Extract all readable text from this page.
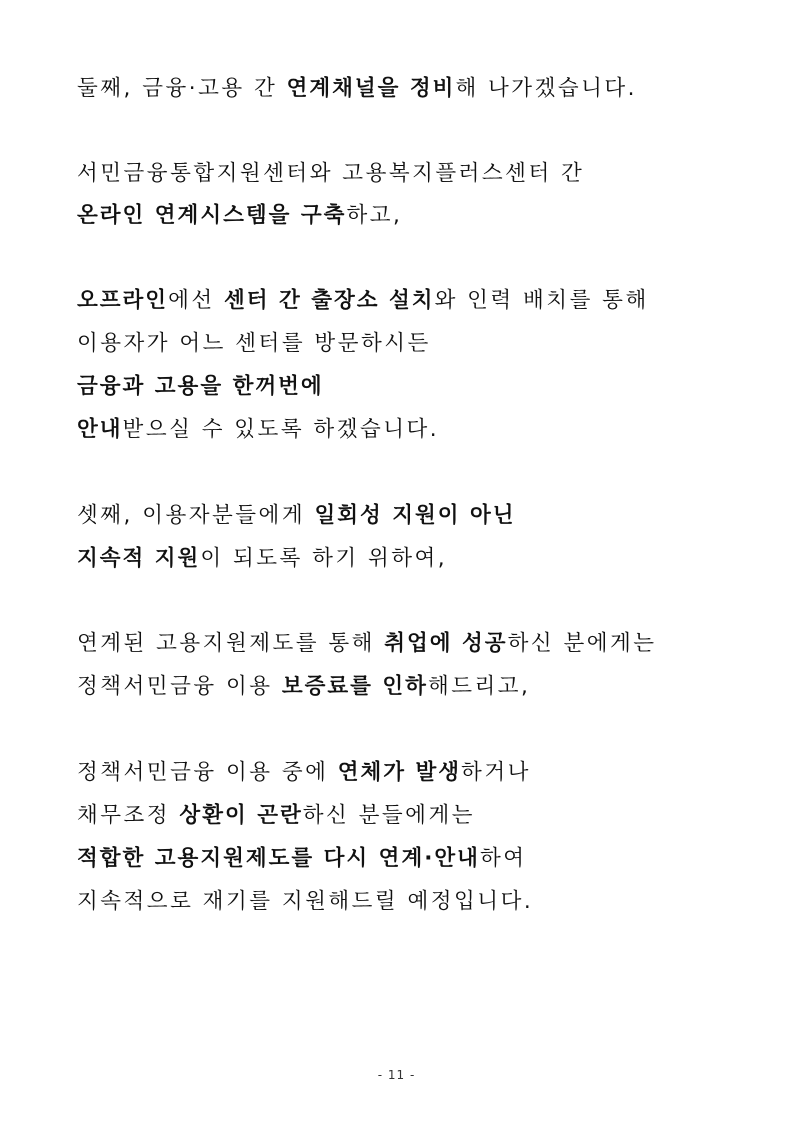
둘째, 금융·고용 간 연계채널을 정비해 나가겠습니다.
서민금융통합지원센터와 고용복지플러스센터 간
온라인 연계시스템을 구축하고,
오프라인에선 센터 간 출장소 설치와 인력 배치를 통해
이용자가 어느 센터를 방문하시든
금융과 고용을 한꺼번에
안내받으실 수 있도록 하겠습니다.
셋째, 이용자분들에게 일회성 지원이 아닌
지속적 지원이 되도록 하기 위하여,
연계된 고용지원제도를 통해 취업에 성공하신 분에게는
정책서민금융 이용 보증료를 인하해드리고,
정책서민금융 이용 중에 연체가 발생하거나
채무조정 상환이 곤란하신 분들에게는
적합한 고용지원제도를 다시 연계·안내하여
지속적으로 재기를 지원해드릴 예정입니다.
- 11 -
